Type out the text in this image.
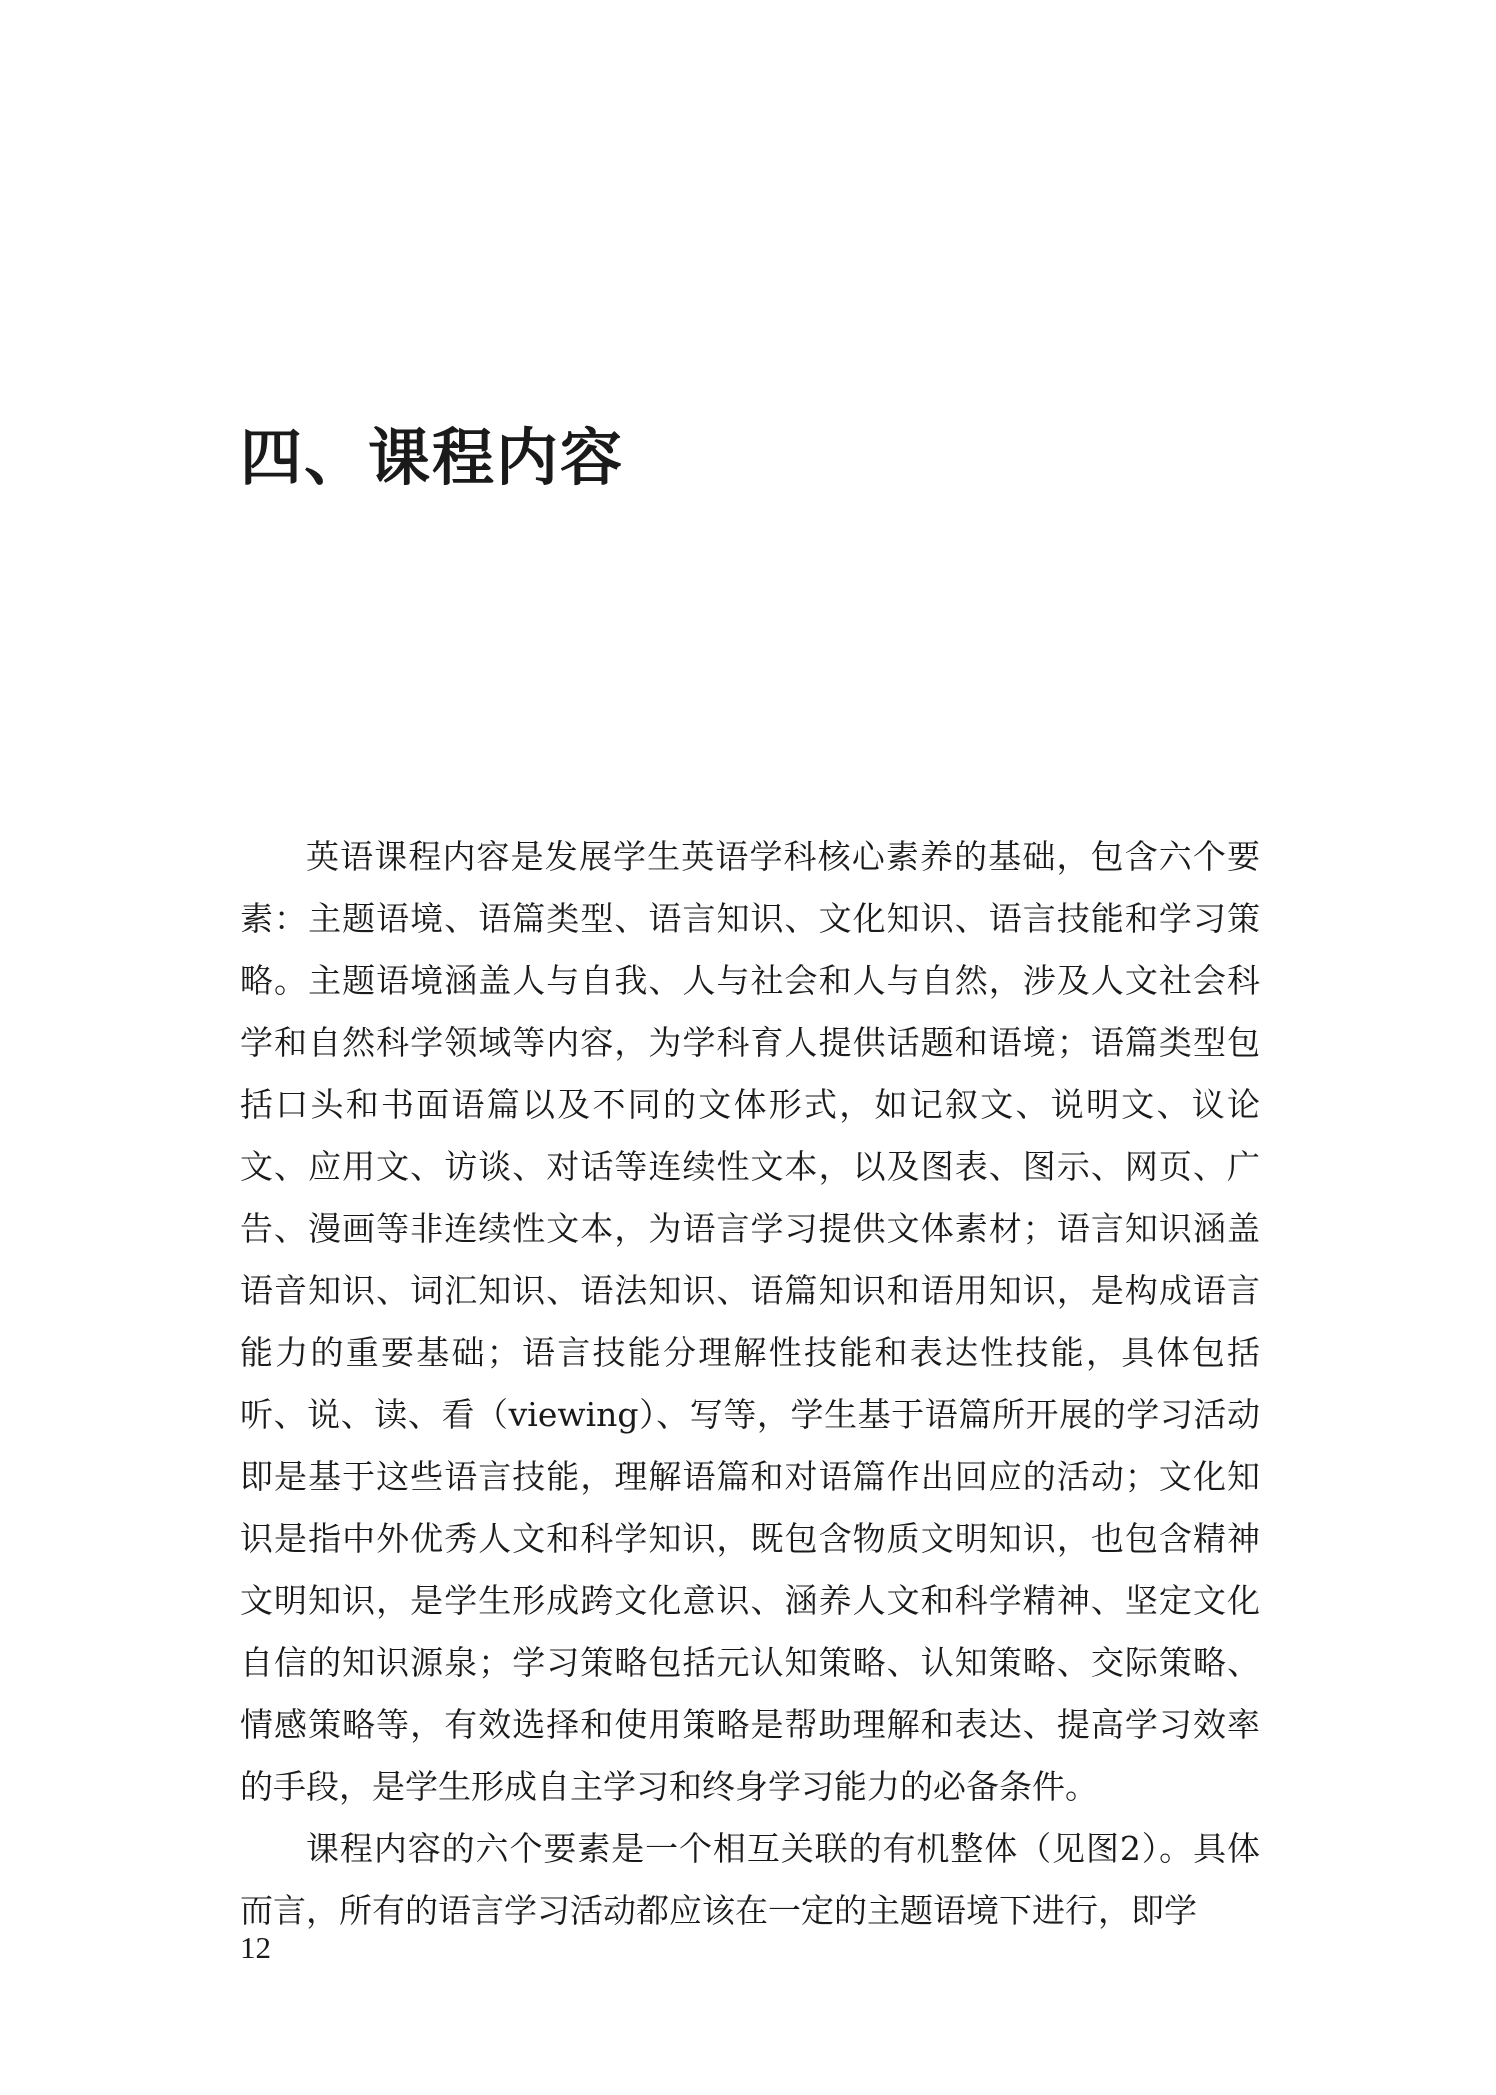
四、课程内容

英语课程内容是发展学生英语学科核心素养的基础，包含六个要素：主题语境、语篇类型、语言知识、文化知识、语言技能和学习策略。主题语境涵盖人与自我、人与社会和人与自然，涉及人文社会科学和自然科学领域等内容，为学科育人提供话题和语境；语篇类型包括口头和书面语篇以及不同的文体形式，如记叙文、说明文、议论文、应用文、访谈、对话等连续性文本，以及图表、图示、网页、广告、漫画等非连续性文本，为语言学习提供文体素材；语言知识涵盖语音知识、词汇知识、语法知识、语篇知识和语用知识，是构成语言能力的重要基础；语言技能分理解性技能和表达性技能，具体包括听、说、读、看（viewing）、写等，学生基于语篇所开展的学习活动即是基于这些语言技能，理解语篇和对语篇作出回应的活动；文化知识是指中外优秀人文和科学知识，既包含物质文明知识，也包含精神文明知识，是学生形成跨文化意识、涵养人文和科学精神、坚定文化自信的知识源泉；学习策略包括元认知策略、认知策略、交际策略、情感策略等，有效选择和使用策略是帮助理解和表达、提高学习效率的手段，是学生形成自主学习和终身学习能力的必备条件。

课程内容的六个要素是一个相互关联的有机整体（见图2）。具体而言，所有的语言学习活动都应该在一定的主题语境下进行，即学

12
